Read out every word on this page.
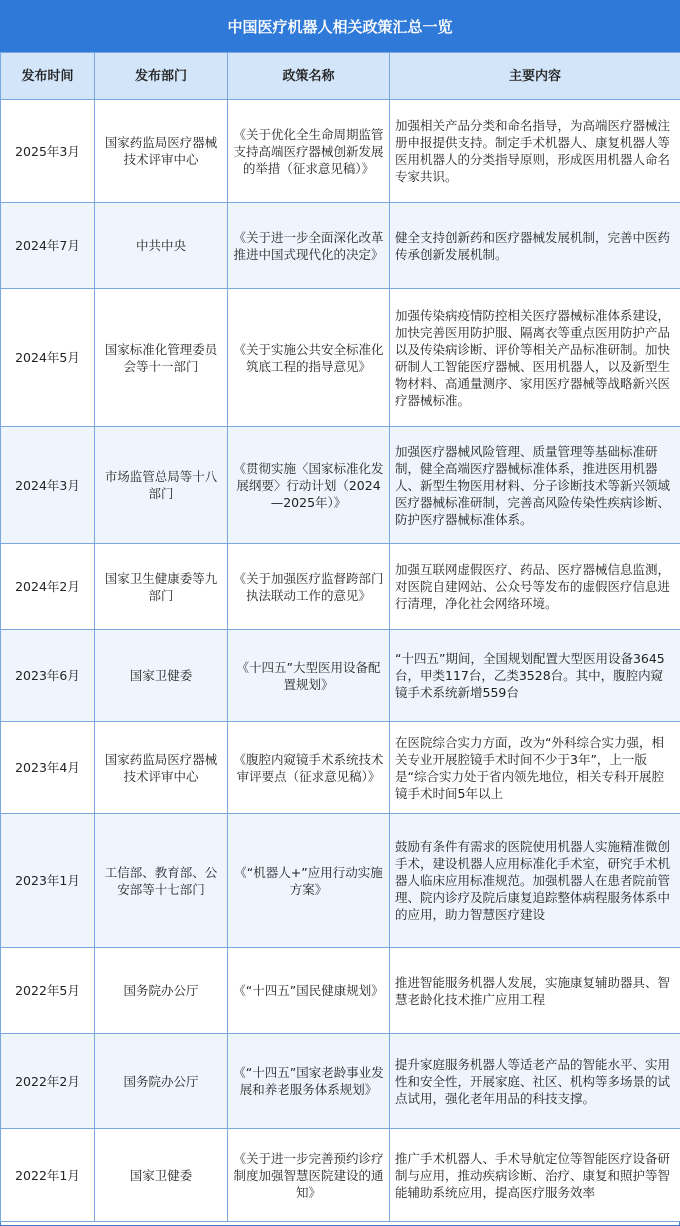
中国医疗机器人相关政策汇总一览
发布时间	发布部门	政策名称	主要内容
2025年3月	国家药监局医疗器械技术评审中心	《关于优化全生命周期监管支持高端医疗器械创新发展的举措（征求意见稿）》	加强相关产品分类和命名指导，为高端医疗器械注册申报提供支持。制定手术机器人、康复机器人等医用机器人的分类指导原则，形成医用机器人命名专家共识。
2024年7月	中共中央	《关于进一步全面深化改革推进中国式现代化的决定》	健全支持创新药和医疗器械发展机制，完善中医药传承创新发展机制。
2024年5月	国家标准化管理委员会等十一部门	《关于实施公共安全标准化筑底工程的指导意见》	加强传染病疫情防控相关医疗器械标准体系建设，加快完善医用防护服、隔离衣等重点医用防护产品以及传染病诊断、评价等相关产品标准研制。加快研制人工智能医疗器械、医用机器人，以及新型生物材料、高通量测序、家用医疗器械等战略新兴医疗器械标准。
2024年3月	市场监管总局等十八部门	《贯彻实施〈国家标准化发展纲要〉行动计划（2024—2025年）》	加强医疗器械风险管理、质量管理等基础标准研制，健全高端医疗器械标准体系，推进医用机器人、新型生物医用材料、分子诊断技术等新兴领域医疗器械标准研制，完善高风险传染性疾病诊断、防护医疗器械标准体系。
2024年2月	国家卫生健康委等九部门	《关于加强医疗监督跨部门执法联动工作的意见》	加强互联网虚假医疗、药品、医疗器械信息监测，对医院自建网站、公众号等发布的虚假医疗信息进行清理，净化社会网络环境。
2023年6月	国家卫健委	《十四五”大型医用设备配置规划》	“十四五”期间，全国规划配置大型医用设备3645台，甲类117台，乙类3528台。其中，腹腔内窥镜手术系统新增559台
2023年4月	国家药监局医疗器械技术评审中心	《腹腔内窥镜手术系统技术审评要点（征求意见稿）》	在医院综合实力方面，改为“外科综合实力强，相关专业开展腔镜手术时间不少于3年”，上一版是“综合实力处于省内领先地位，相关专科开展腔镜手术时间5年以上
2023年1月	工信部、教育部、公安部等十七部门	《“机器人+”应用行动实施方案》	鼓励有条件有需求的医院使用机器人实施精准微创手术，建设机器人应用标准化手术室，研究手术机器人临床应用标准规范。加强机器人在患者院前管理、院内诊疗及院后康复追踪整体病程服务体系中的应用，助力智慧医疗建设
2022年5月	国务院办公厅	《“十四五”国民健康规划》	推进智能服务机器人发展，实施康复辅助器具、智慧老龄化技术推广应用工程
2022年2月	国务院办公厅	《“十四五”国家老龄事业发展和养老服务体系规划》	提升家庭服务机器人等适老产品的智能水平、实用性和安全性，开展家庭、社区、机构等多场景的试点试用，强化老年用品的科技支撑。
2022年1月	国家卫健委	《关于进一步完善预约诊疗制度加强智慧医院建设的通知》	推广手术机器人、手术导航定位等智能医疗设备研制与应用，推动疾病诊断、治疗、康复和照护等智能辅助系统应用，提高医疗服务效率
